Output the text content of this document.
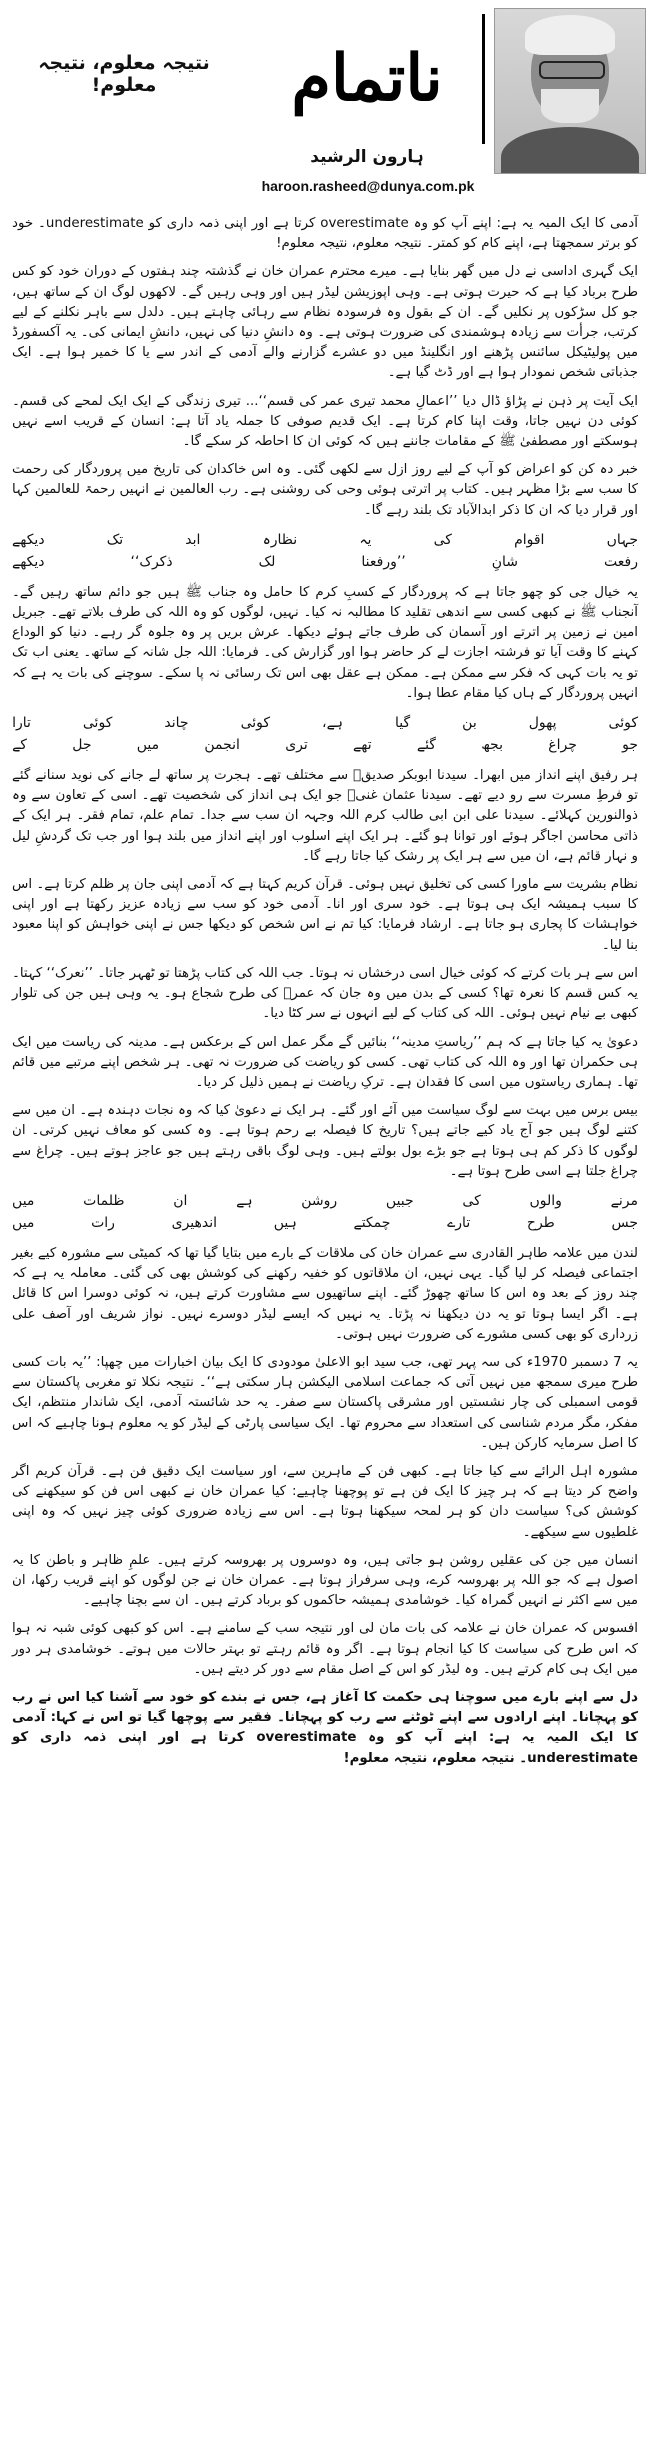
نتیجہ معلوم، نتیجہ معلوم!	ناتمام
ہارون الرشید
haroon.rasheed@dunya.com.pk

آدمی کا ایک المیہ یہ ہے: اپنے آپ کو وہ overestimate کرتا ہے اور اپنی ذمہ داری کو underestimate۔ خود کو برتر سمجھتا ہے، اپنے کام کو کمتر۔ نتیجہ معلوم، نتیجہ معلوم!

ایک گہری اداسی نے دل میں گھر بنایا ہے۔ میرے محترم عمران خان نے گذشتہ چند ہفتوں کے دوران خود کو کس طرح برباد کیا ہے کہ حیرت ہوتی ہے۔ وہی اپوزیشن لیڈر ہیں اور وہی رہیں گے۔ لاکھوں لوگ ان کے ساتھ ہیں، جو کل سڑکوں پر نکلیں گے۔ ان کے بقول وہ فرسودہ نظام سے رہائی چاہتے ہیں۔ دلدل سے باہر نکلنے کے لیے کرتب، جرأت سے زیادہ ہوشمندی کی ضرورت ہوتی ہے۔ وہ دانشِ دنیا کی نہیں، دانشِ ایمانی کی۔ یہ آکسفورڈ میں پولیٹیکل سائنس پڑھنے اور انگلینڈ میں دو عشرے گزارنے والے آدمی کے اندر سے یا کا خمیر ہوا ہے۔ ایک جذباتی شخص نمودار ہوا ہے اور ڈٹ گیا ہے۔

ایک آیت پر ذہن نے پڑاؤ ڈال دیا ’’اعمالِ محمد تیری عمر کی قسم‘‘... تیری زندگی کے ایک ایک لمحے کی قسم۔ کوئی دن نہیں جاتا، وقت اپنا کام کرتا ہے۔ ایک قدیم صوفی کا جملہ یاد آتا ہے: انسان کے قریب اسے نہیں ہوسکتے اور مصطفیٰ ﷺ کے مقامات جاننے ہیں کہ کوئی ان کا احاطہ کر سکے گا۔

خبر دہ کن کو اعراض کو آپ کے لیے روز ازل سے لکھی گئی۔ وہ اس خاکدان کی تاریخ میں پروردگار کی رحمت کا سب سے بڑا مظہر ہیں۔ کتاب پر اترتی ہوئی وحی کی روشنی ہے۔ رب العالمین نے انہیں رحمۃ للعالمین کہا اور قرار دیا کہ ان کا ذکر ابدالآباد تک بلند رہے گا۔

جہاں
اقوام
کی
یہ
نظارہ
ابد
تک
دیکھے
رفعت
شانِ
’’ورفعنا
لک
ذکرک‘‘
دیکھے

یہ خیال جی کو چھو جاتا ہے کہ پروردگار کے کسبِ کرم کا حامل وہ جناب ﷺ ہیں جو دائم ساتھ رہیں گے۔ آنجناب ﷺ نے کبھی کسی سے اندھی تقلید کا مطالبہ نہ کیا۔ نہیں، لوگوں کو وہ اللہ کی طرف بلاتے تھے۔ جبریل امین نے زمین پر اترتے اور آسمان کی طرف جاتے ہوئے دیکھا۔ عرش بریں پر وہ جلوہ گر رہے۔ دنیا کو الوداع کہنے کا وقت آیا تو فرشتہ اجازت لے کر حاضر ہوا اور گزارش کی۔ فرمایا: اللہ جل شانہ کے ساتھ۔ یعنی اب تک تو یہ بات کہی کہ فکر سے ممکن ہے۔ ممکن ہے عقل بھی اس تک رسائی نہ پا سکے۔ سوچنے کی بات یہ ہے کہ انہیں پروردگار کے ہاں کیا مقام عطا ہوا۔

کوئی
پھول
بن
گیا
ہے،
کوئی
چاند
کوئی
تارا
جو
چراغ
بجھ
گئے
تھے
تری
انجمن
میں
جل
کے

ہر رفیق اپنے انداز میں ابھرا۔ سیدنا ابوبکر صدیقؓ سے مختلف تھے۔ ہجرت پر ساتھ لے جانے کی نوید سنانے گئے تو فرطِ مسرت سے رو دیے تھے۔ سیدنا عثمان غنیؓ جو ایک ہی انداز کی شخصیت تھے۔ اسی کے تعاون سے وہ ذوالنورین کہلائے۔ سیدنا علی ابن ابی طالب کرم اللہ وجہہ ان سب سے جدا۔ تمام علم، تمام فقر۔ ہر ایک کے ذاتی محاسن اجاگر ہوئے اور توانا ہو گئے۔ ہر ایک اپنے اسلوب اور اپنے انداز میں بلند ہوا اور جب تک گردشِ لیل و نہار قائم ہے، ان میں سے ہر ایک پر رشک کیا جاتا رہے گا۔

نظام بشریت سے ماورا کسی کی تخلیق نہیں ہوئی۔ قرآن کریم کہتا ہے کہ آدمی اپنی جان پر ظلم کرتا ہے۔ اس کا سبب ہمیشہ ایک ہی ہوتا ہے۔ خود سری اور انا۔ آدمی خود کو سب سے زیادہ عزیز رکھتا ہے اور اپنی خواہشات کا پجاری ہو جاتا ہے۔ ارشاد فرمایا: کیا تم نے اس شخص کو دیکھا جس نے اپنی خواہش کو اپنا معبود بنا لیا۔

اس سے ہر بات کرتے کہ کوئی خیال اسی درخشاں نہ ہوتا۔ جب اللہ کی کتاب پڑھتا تو ٹھہر جاتا۔ ’’نعرک‘‘ کہتا۔ یہ کس قسم کا نعرہ تھا؟ کسی کے بدن میں وہ جان کہ عمرؓ کی طرح شجاع ہو۔ یہ وہی ہیں جن کی تلوار کبھی بے نیام نہیں ہوئی۔ اللہ کی کتاب کے لیے انہوں نے سر کٹا دیا۔

دعویٰ یہ کیا جاتا ہے کہ ہم ’’ریاستِ مدینہ‘‘ بنائیں گے مگر عمل اس کے برعکس ہے۔ مدینہ کی ریاست میں ایک ہی حکمران تھا اور وہ اللہ کی کتاب تھی۔ کسی کو ریاضت کی ضرورت نہ تھی۔ ہر شخص اپنے مرتبے میں قائم تھا۔ ہماری ریاستوں میں اسی کا فقدان ہے۔ ترکِ ریاضت نے ہمیں ذلیل کر دیا۔

بیس برس میں بہت سے لوگ سیاست میں آئے اور گئے۔ ہر ایک نے دعویٰ کیا کہ وہ نجات دہندہ ہے۔ ان میں سے کتنے لوگ ہیں جو آج یاد کیے جاتے ہیں؟ تاریخ کا فیصلہ بے رحم ہوتا ہے۔ وہ کسی کو معاف نہیں کرتی۔ ان لوگوں کا ذکر کم ہی ہوتا ہے جو بڑے بول بولتے ہیں۔ وہی لوگ باقی رہتے ہیں جو عاجز ہوتے ہیں۔ چراغ سے چراغ جلتا ہے اسی طرح ہوتا ہے۔

مرنے
والوں
کی
جبیں
روشن
ہے
ان
ظلمات
میں
جس
طرح
تارے
چمکتے
ہیں
اندھیری
رات
میں

لندن میں علامہ طاہر القادری سے عمران خان کی ملاقات کے بارے میں بتایا گیا تھا کہ کمیٹی سے مشورہ کیے بغیر اجتماعی فیصلہ کر لیا گیا۔ یہی نہیں، ان ملاقاتوں کو خفیہ رکھنے کی کوشش بھی کی گئی۔ معاملہ یہ ہے کہ چند روز کے بعد وہ اس کا ساتھ چھوڑ گئے۔ اپنے ساتھیوں سے مشاورت کرتے ہیں، نہ کوئی دوسرا اس کا قائل ہے۔ اگر ایسا ہوتا تو یہ دن دیکھنا نہ پڑتا۔ یہ نہیں کہ ایسے لیڈر دوسرے نہیں۔ نواز شریف اور آصف علی زرداری کو بھی کسی مشورے کی ضرورت نہیں ہوتی۔

یہ 7 دسمبر 1970ء کی سہ پہر تھی، جب سید ابو الاعلیٰ مودودی کا ایک بیان اخبارات میں چھپا: ’’یہ بات کسی طرح میری سمجھ میں نہیں آتی کہ جماعت اسلامی الیکشن ہار سکتی ہے‘‘۔ نتیجہ نکلا تو مغربی پاکستان سے قومی اسمبلی کی چار نشستیں اور مشرقی پاکستان سے صفر۔ یہ حد شائستہ آدمی، ایک شاندار منتظم، ایک مفکر، مگر مردم شناسی کی استعداد سے محروم تھا۔ ایک سیاسی پارٹی کے لیڈر کو یہ معلوم ہونا چاہیے کہ اس کا اصل سرمایہ کارکن ہیں۔

مشورہ اہل الرائے سے کیا جاتا ہے۔ کبھی فن کے ماہرین سے، اور سیاست ایک دقیق فن ہے۔ قرآن کریم اگر واضح کر دیتا ہے کہ ہر چیز کا ایک فن ہے تو پوچھنا چاہیے: کیا عمران خان نے کبھی اس فن کو سیکھنے کی کوشش کی؟ سیاست دان کو ہر لمحہ سیکھنا ہوتا ہے۔ اس سے زیادہ ضروری کوئی چیز نہیں کہ وہ اپنی غلطیوں سے سیکھے۔

انسان میں جن کی عقلیں روشن ہو جاتی ہیں، وہ دوسروں پر بھروسہ کرتے ہیں۔ علمِ ظاہر و باطن کا یہ اصول ہے کہ جو اللہ پر بھروسہ کرے، وہی سرفراز ہوتا ہے۔ عمران خان نے جن لوگوں کو اپنے قریب رکھا، ان میں سے اکثر نے انہیں گمراہ کیا۔ خوشامدی ہمیشہ حاکموں کو برباد کرتے ہیں۔ ان سے بچنا چاہیے۔

افسوس کہ عمران خان نے علامہ کی بات مان لی اور نتیجہ سب کے سامنے ہے۔ اس کو کبھی کوئی شبہ نہ ہوا کہ اس طرح کی سیاست کا کیا انجام ہوتا ہے۔ اگر وہ قائم رہتے تو بہتر حالات میں ہوتے۔ خوشامدی ہر دور میں ایک ہی کام کرتے ہیں۔ وہ لیڈر کو اس کے اصل مقام سے دور کر دیتے ہیں۔

دل سے اپنے بارے میں سوچنا ہی حکمت کا آغاز ہے، جس نے بندے کو خود سے آشنا کیا اس نے رب کو پہچانا۔ اپنے ارادوں سے اپنے ٹوٹنے سے رب کو پہچانا۔ فقیر سے پوچھا گیا تو اس نے کہا: آدمی کا ایک المیہ یہ ہے: اپنے آپ کو وہ overestimate کرتا ہے اور اپنی ذمہ داری کو underestimate۔ نتیجہ معلوم، نتیجہ معلوم!
